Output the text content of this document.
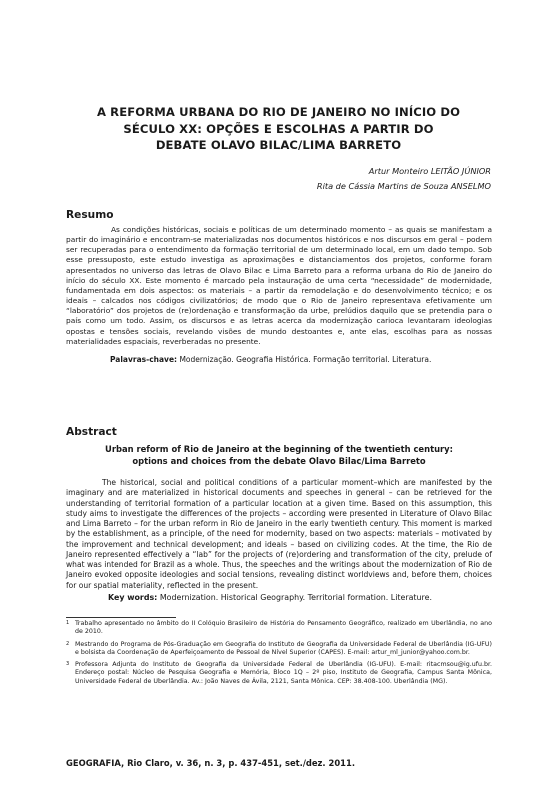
A REFORMA URBANA DO RIO DE JANEIRO NO INÍCIO DO
SÉCULO XX: OPÇÕES E ESCOLHAS A PARTIR DO
DEBATE OLAVO BILAC/LIMA BARRETO
Artur Monteiro LEITÃO JÚNIOR
Rita de Cássia Martins de Souza ANSELMO
Resumo
As condições históricas, sociais e políticas de um determinado momento – as quais se manifestam a partir do imaginário e encontram-se materializadas nos documentos históricos e nos discursos em geral – podem ser recuperadas para o entendimento da formação territorial de um determinado local, em um dado tempo. Sob esse pressuposto, este estudo investiga as aproximações e distanciamentos dos projetos, conforme foram apresentados no universo das letras de Olavo Bilac e Lima Barreto para a reforma urbana do Rio de Janeiro do início do século XX. Este momento é marcado pela instauração de uma certa “necessidade” de modernidade, fundamentada em dois aspectos: os materiais – a partir da remodelação e do desenvolvimento técnico; e os ideais – calcados nos códigos civilizatórios; de modo que o Rio de Janeiro representava efetivamente um “laboratório” dos projetos de (re)ordenação e transformação da urbe, prelúdios daquilo que se pretendia para o país como um todo. Assim, os discursos e as letras acerca da modernização carioca levantaram ideologias opostas e tensões sociais, revelando visões de mundo destoantes e, ante elas, escolhas para as nossas materialidades espaciais, reverberadas no presente.
Palavras-chave: Modernização. Geografia Histórica. Formação territorial. Literatura.
Abstract
Urban reform of Rio de Janeiro at the beginning of the twentieth century:
options and choices from the debate Olavo Bilac/Lima Barreto
The historical, social and political conditions of a particular moment–which are manifested by the imaginary and are materialized in historical documents and speeches in general – can be retrieved for the understanding of territorial formation of a particular location at a given time. Based on this assumption, this study aims to investigate the differences of the projects – according were presented in Literature of Olavo Bilac and Lima Barreto – for the urban reform in Rio de Janeiro in the early twentieth century. This moment is marked by the establishment, as a principle, of the need for modernity, based on two aspects: materials – motivated by the improvement and technical development; and ideals – based on civilizing codes. At the time, the Rio de Janeiro represented effectively a “lab” for the projects of (re)ordering and transformation of the city, prelude of what was intended for Brazil as a whole. Thus, the speeches and the writings about the modernization of Rio de Janeiro evoked opposite ideologies and social tensions, revealing distinct worldviews and, before them, choices for our spatial materiality, reflected in the present.
Key words: Modernization. Historical Geography. Territorial formation. Literature.
1 Trabalho apresentado no âmbito do II Colóquio Brasileiro de História do Pensamento Geográfico, realizado em Uberlândia, no ano de 2010.
2 Mestrando do Programa de Pós-Graduação em Geografia do Instituto de Geografia da Universidade Federal de Uberlândia (IG-UFU) e bolsista da Coordenação de Aperfeiçoamento de Pessoal de Nível Superior (CAPES). E-mail: artur_ml_junior@yahoo.com.br.
3 Professora Adjunta do Instituto de Geografia da Universidade Federal de Uberlândia (IG-UFU). E-mail: ritacmsou@ig.ufu.br. Endereço postal: Núcleo de Pesquisa Geografia e Memória, Bloco 1Q – 2º piso, Instituto de Geografia, Campus Santa Mônica, Universidade Federal de Uberlândia. Av.: João Naves de Ávila, 2121, Santa Mônica. CEP: 38.408-100. Uberlândia (MG).
GEOGRAFIA, Rio Claro, v. 36, n. 3, p. 437-451, set./dez. 2011.
